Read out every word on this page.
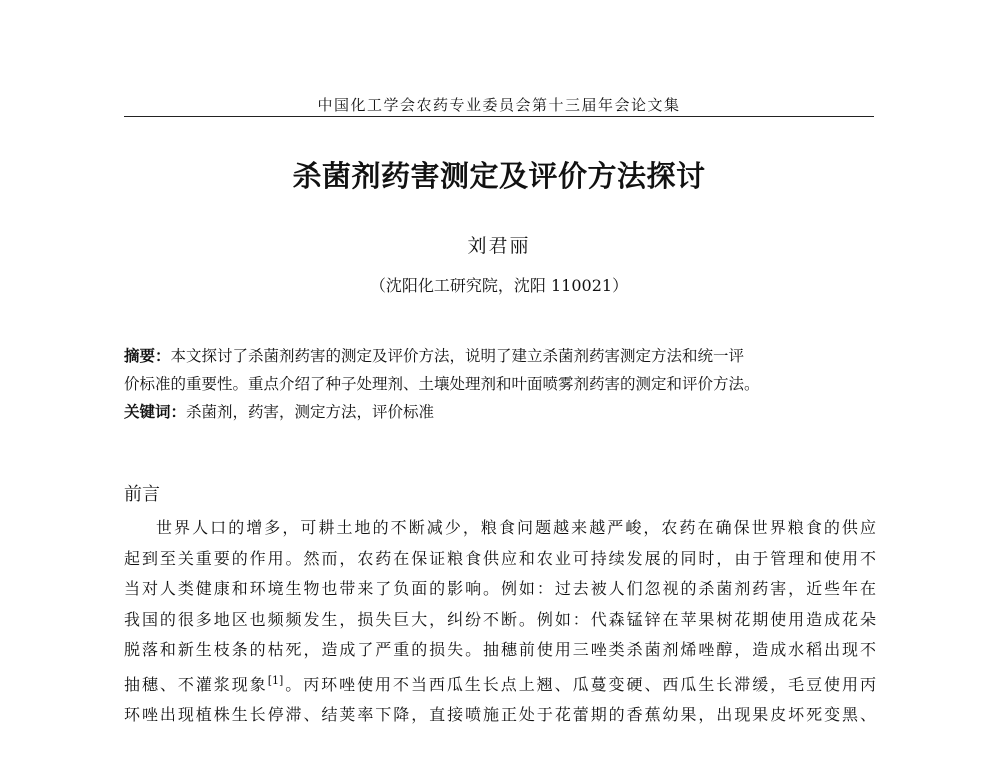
中国化工学会农药专业委员会第十三届年会论文集
杀菌剂药害测定及评价方法探讨
刘君丽
（沈阳化工研究院，沈阳 110021）
摘要：本文探讨了杀菌剂药害的测定及评价方法，说明了建立杀菌剂药害测定方法和统一评
价标准的重要性。重点介绍了种子处理剂、土壤处理剂和叶面喷雾剂药害的测定和评价方法。
关键词：杀菌剂，药害，测定方法，评价标准
前言
世界人口的增多，可耕土地的不断减少，粮食问题越来越严峻，农药在确保世界粮食的供应
起到至关重要的作用。然而，农药在保证粮食供应和农业可持续发展的同时，由于管理和使用不
当对人类健康和环境生物也带来了负面的影响。例如：过去被人们忽视的杀菌剂药害，近些年在
我国的很多地区也频频发生，损失巨大，纠纷不断。例如：代森锰锌在苹果树花期使用造成花朵
脱落和新生枝条的枯死，造成了严重的损失。抽穗前使用三唑类杀菌剂烯唑醇，造成水稻出现不
抽穗、不灌浆现象[1]。丙环唑使用不当西瓜生长点上翘、瓜蔓变硬、西瓜生长滞缓，毛豆使用丙
环唑出现植株生长停滞、结荚率下降，直接喷施正处于花蕾期的香蕉幼果，出现果皮坏死变黑、
